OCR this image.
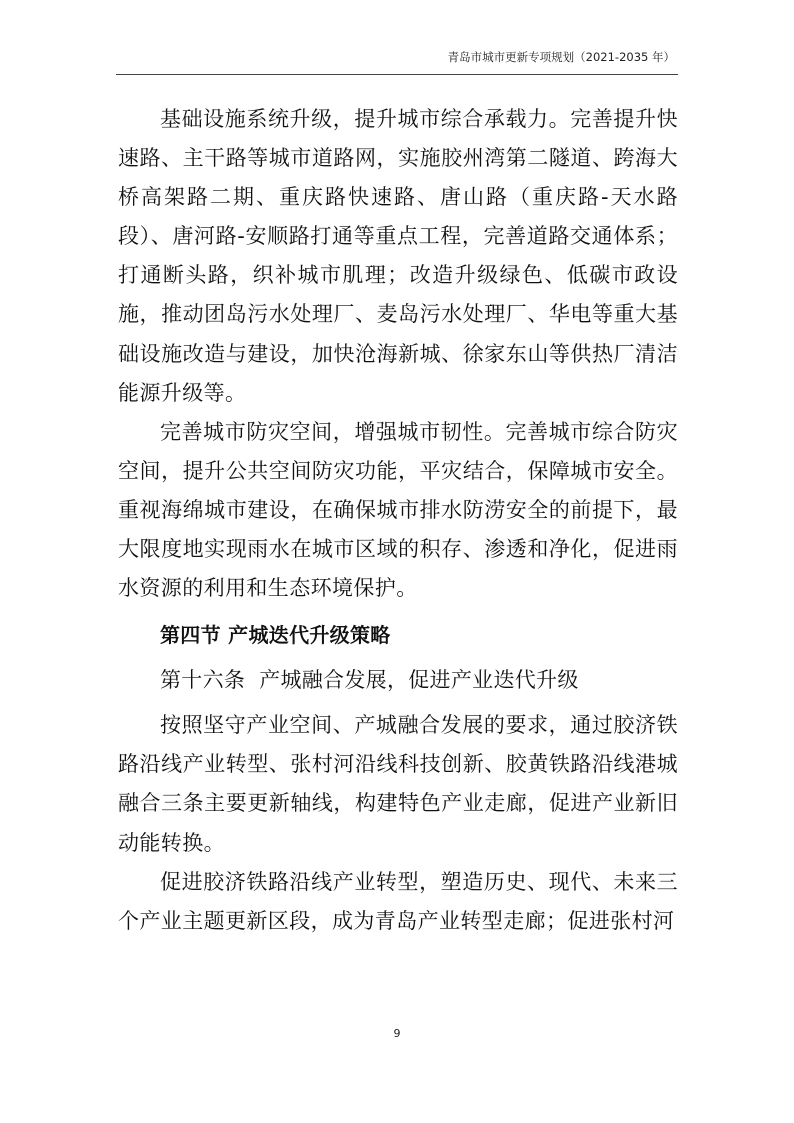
青岛市城市更新专项规划（2021-2035 年）

基础设施系统升级，提升城市综合承载力。完善提升快速路、主干路等城市道路网，实施胶州湾第二隧道、跨海大桥高架路二期、重庆路快速路、唐山路（重庆路-天水路段）、唐河路-安顺路打通等重点工程，完善道路交通体系；打通断头路，织补城市肌理；改造升级绿色、低碳市政设施，推动团岛污水处理厂、麦岛污水处理厂、华电等重大基础设施改造与建设，加快沧海新城、徐家东山等供热厂清洁能源升级等。

完善城市防灾空间，增强城市韧性。完善城市综合防灾空间，提升公共空间防灾功能，平灾结合，保障城市安全。重视海绵城市建设，在确保城市排水防涝安全的前提下，最大限度地实现雨水在城市区域的积存、渗透和净化，促进雨水资源的利用和生态环境保护。

第四节 产城迭代升级策略
第十六条  产城融合发展，促进产业迭代升级

按照坚守产业空间、产城融合发展的要求，通过胶济铁路沿线产业转型、张村河沿线科技创新、胶黄铁路沿线港城融合三条主要更新轴线，构建特色产业走廊，促进产业新旧动能转换。

促进胶济铁路沿线产业转型，塑造历史、现代、未来三个产业主题更新区段，成为青岛产业转型走廊；促进张村河

9
